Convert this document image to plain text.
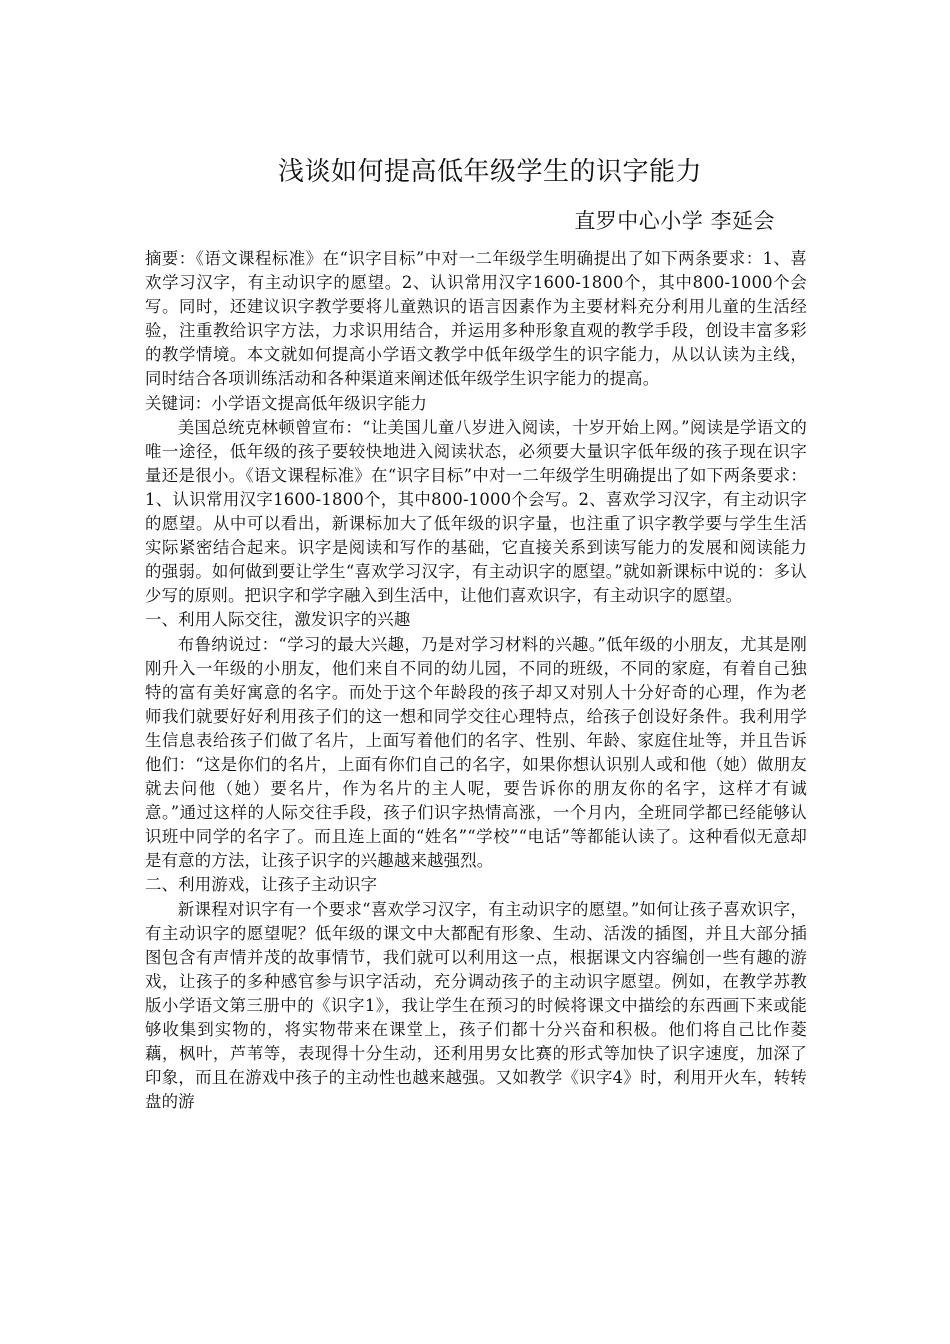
浅谈如何提高低年级学生的识字能力
直罗中心小学 李延会

摘要：《语文课程标准》在“识字目标”中对一二年级学生明确提出了如下两条要求：1、喜欢学习汉字，有主动识字的愿望。2、认识常用汉字1600-1800个，其中800-1000个会写。同时，还建议识字教学要将儿童熟识的语言因素作为主要材料充分利用儿童的生活经验，注重教给识字方法，力求识用结合，并运用多种形象直观的教学手段，创设丰富多彩的教学情境。本文就如何提高小学语文教学中低年级学生的识字能力，从以认读为主线，同时结合各项训练活动和各种渠道来阐述低年级学生识字能力的提高。

关键词：小学语文提高低年级识字能力

美国总统克林顿曾宣布：“让美国儿童八岁进入阅读，十岁开始上网。”阅读是学语文的唯一途径，低年级的孩子要较快地进入阅读状态，必须要大量识字低年级的孩子现在识字量还是很小。《语文课程标准》在“识字目标”中对一二年级学生明确提出了如下两条要求：1、认识常用汉字1600-1800个，其中800-1000个会写。2、喜欢学习汉字，有主动识字的愿望。从中可以看出，新课标加大了低年级的识字量，也注重了识字教学要与学生生活实际紧密结合起来。识字是阅读和写作的基础，它直接关系到读写能力的发展和阅读能力的强弱。如何做到要让学生“喜欢学习汉字，有主动识字的愿望。”就如新课标中说的：多认少写的原则。把识字和学字融入到生活中，让他们喜欢识字，有主动识字的愿望。

一、利用人际交往，激发识字的兴趣

布鲁纳说过：“学习的最大兴趣，乃是对学习材料的兴趣。”低年级的小朋友，尤其是刚刚升入一年级的小朋友，他们来自不同的幼儿园，不同的班级，不同的家庭，有着自己独特的富有美好寓意的名字。而处于这个年龄段的孩子却又对别人十分好奇的心理，作为老师我们就要好好利用孩子们的这一想和同学交往心理特点，给孩子创设好条件。我利用学生信息表给孩子们做了名片，上面写着他们的名字、性别、年龄、家庭住址等，并且告诉他们：“这是你们的名片，上面有你们自己的名字，如果你想认识别人或和他（她）做朋友就去问他（她）要名片，作为名片的主人呢，要告诉你的朋友你的名字，这样才有诚意。”通过这样的人际交往手段，孩子们识字热情高涨，一个月内，全班同学都已经能够认识班中同学的名字了。而且连上面的“姓名”“学校”“电话”等都能认读了。这种看似无意却是有意的方法，让孩子识字的兴趣越来越强烈。

二、利用游戏，让孩子主动识字

新课程对识字有一个要求“喜欢学习汉字，有主动识字的愿望。”如何让孩子喜欢识字，有主动识字的愿望呢？低年级的课文中大都配有形象、生动、活泼的插图，并且大部分插图包含有声情并茂的故事情节，我们就可以利用这一点，根据课文内容编创一些有趣的游戏，让孩子的多种感官参与识字活动，充分调动孩子的主动识字愿望。例如，在教学苏教版小学语文第三册中的《识字1》，我让学生在预习的时候将课文中描绘的东西画下来或能够收集到实物的，将实物带来在课堂上，孩子们都十分兴奋和积极。他们将自己比作菱藕，枫叶，芦苇等，表现得十分生动，还利用男女比赛的形式等加快了识字速度，加深了印象，而且在游戏中孩子的主动性也越来越强。又如教学《识字4》时，利用开火车，转转盘的游
